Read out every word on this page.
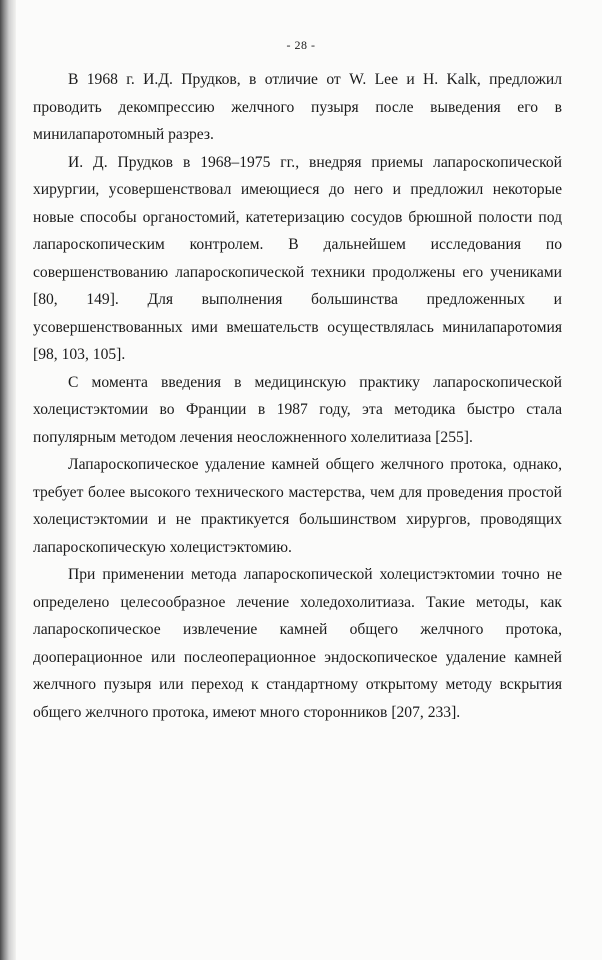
- 28 -

В 1968 г. И.Д. Прудков, в отличие от W. Lee и H. Kalk, предложил проводить декомпрессию желчного пузыря после выведения его в минилапаротомный разрез.

И. Д. Прудков в 1968–1975 гг., внедряя приемы лапароскопической хирургии, усовершенствовал имеющиеся до него и предложил некоторые новые способы органостомий, катетеризацию сосудов брюшной полости под лапароскопическим контролем. В дальнейшем исследования по совершенствованию лапароскопической техники продолжены его учениками [80, 149]. Для выполнения большинства предложенных и усовершенствованных ими вмешательств осуществлялась минилапаротомия [98, 103, 105].

С момента введения в медицинскую практику лапароскопической холецистэктомии во Франции в 1987 году, эта методика быстро стала популярным методом лечения неосложненного холелитиаза [255].

Лапароскопическое удаление камней общего желчного протока, однако, требует более высокого технического мастерства, чем для проведения простой холецистэктомии и не практикуется большинством хирургов, проводящих лапароскопическую холецистэктомию.

При применении метода лапароскопической холецистэктомии точно не определено целесообразное лечение холедохолитиаза. Такие методы, как лапароскопическое извлечение камней общего желчного протока, дооперационное или послеоперационное эндоскопическое удаление камней желчного пузыря или переход к стандартному открытому методу вскрытия общего желчного протока, имеют много сторонников [207, 233].
